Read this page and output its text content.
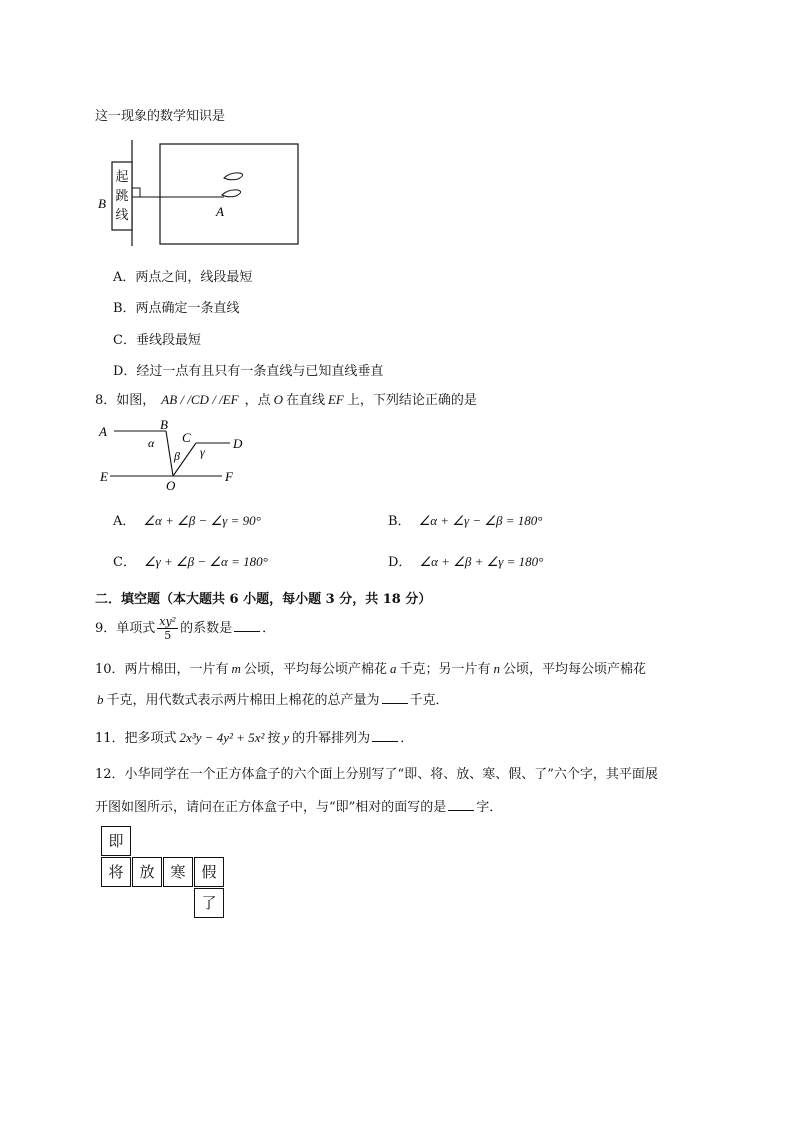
这一现象的数学知识是
B
A
起跳线
A．两点之间，线段最短
B．两点确定一条直线
C．垂线段最短
D．经过一点有且只有一条直线与已知直线垂直
8．如图， AB / /CD / /EF ，点 O 在直线 EF 上，下列结论正确的是
A	B
C	D
E	F
O
α
β γ
A． ∠α + ∠β − ∠γ = 90°	B． ∠α + ∠γ − ∠β = 180°
C． ∠γ + ∠β − ∠α = 180°	D． ∠α + ∠β + ∠γ = 180°
二．填空题（本大题共 6 小题，每小题 3 分，共 18 分）
9．单项式 $\frac{\text{xy²}}{5}$ 的系数是 ．
10．两片棉田，一片有 m 公顷，平均每公顷产棉花 a 千克；另一片有 n 公顷，平均每公顷产棉花
b 千克，用代数式表示两片棉田上棉花的总产量为 千克．
11．把多项式 2x³y − 4y² + 5x² 按 y 的升幂排列为 ．
12．小华同学在一个正方体盒子的六个面上分别写了“即、将、放、寒、假、了”六个字，其平面展
开图如图所示，请问在正方体盒子中，与“即”相对的面写的是 字．
即
将	放	寒	假
了
